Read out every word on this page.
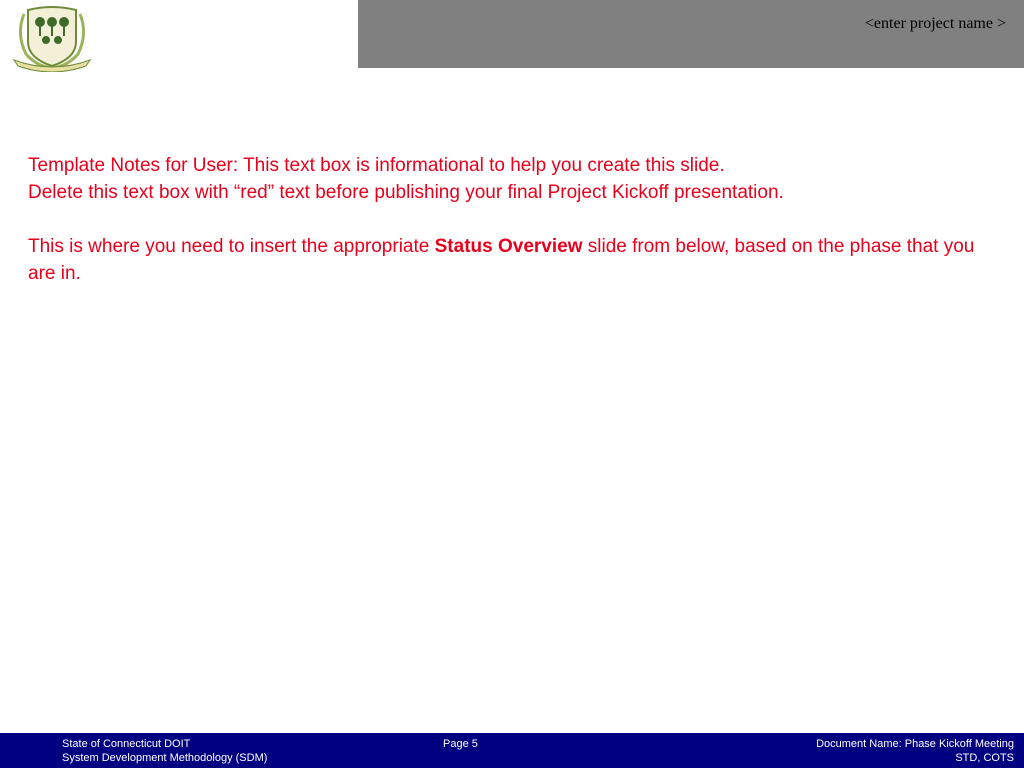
<enter project name >

Template Notes for User: This text box is informational to help you create this slide.

Delete this text box with “red” text before publishing your final Project Kickoff presentation.

This is where you need to insert the appropriate Status Overview slide from below, based on the phase that you are in.

State of Connecticut DOIT
System Development Methodology (SDM)
Page 5	Document Name: Phase Kickoff Meeting
STD, COTS
